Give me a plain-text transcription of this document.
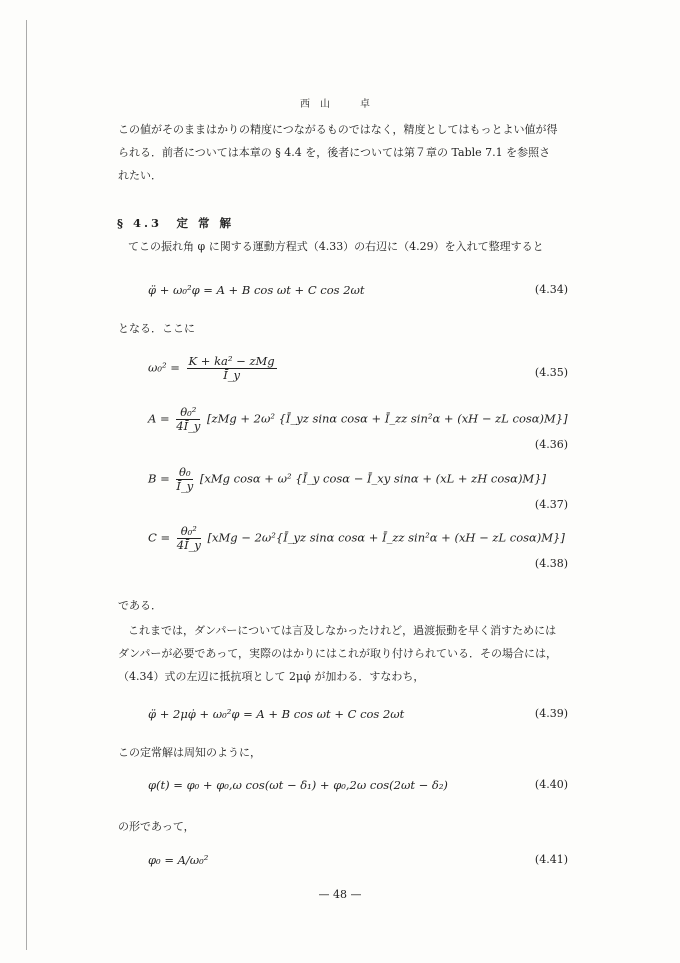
西山　卓
この値がそのままはかりの精度につながるものではなく，精度としてはもっとよい値が得
られる．前者については本章の § 4.4 を，後者については第７章の Table 7.1 を参照さ
れたい．
§ 4.3　定 常 解
てこの振れ角 φ に関する運動方程式（4.33）の右辺に（4.29）を入れて整理すると
φ̈ + ω₀²φ = A + B cos ωt + C cos 2ωt	(4.34)
となる．ここに
$\omega_0^2 = \frac{\text{K + ka² − zMg}}{Ī\_y}$	(4.35)
$A = \frac{\text{θ₀²}}{4Ī\_y} [zMg + 2\omega^2$ {Ī_yz sinα cosα + Ī_zz sin²α + (xH − zL cosα)M}]
(4.36)
$B = \frac{\text{θ₀}}{Ī\_y} [xMg$ cosα + ω² {Ī_y cosα − Ī_xy sinα + (xL + zH cosα)M}]
(4.37)
$C = \frac{\text{θ₀²}}{4Ī\_y} [xMg$ − 2ω²{Ī_yz sinα cosα + Ī_zz sin²α + (xH − zL cosα)M}]
(4.38)
である．
これまでは，ダンパーについては言及しなかったけれど，過渡振動を早く消すためには
ダンパーが必要であって，実際のはかりにはこれが取り付けられている．その場合には，
（4.34）式の左辺に抵抗項として 2μφ̇ が加わる．すなわち，
φ̈ + 2μφ̇ + ω₀²φ = A + B cos ωt + C cos 2ωt	(4.39)
この定常解は周知のように，
φ(t) = φ₀ + φ₀,ω cos(ωt − δ₁) + φ₀,2ω cos(2ωt − δ₂)	(4.40)
の形であって，
φ₀ = A/ω₀²	(4.41)
— 48 —
